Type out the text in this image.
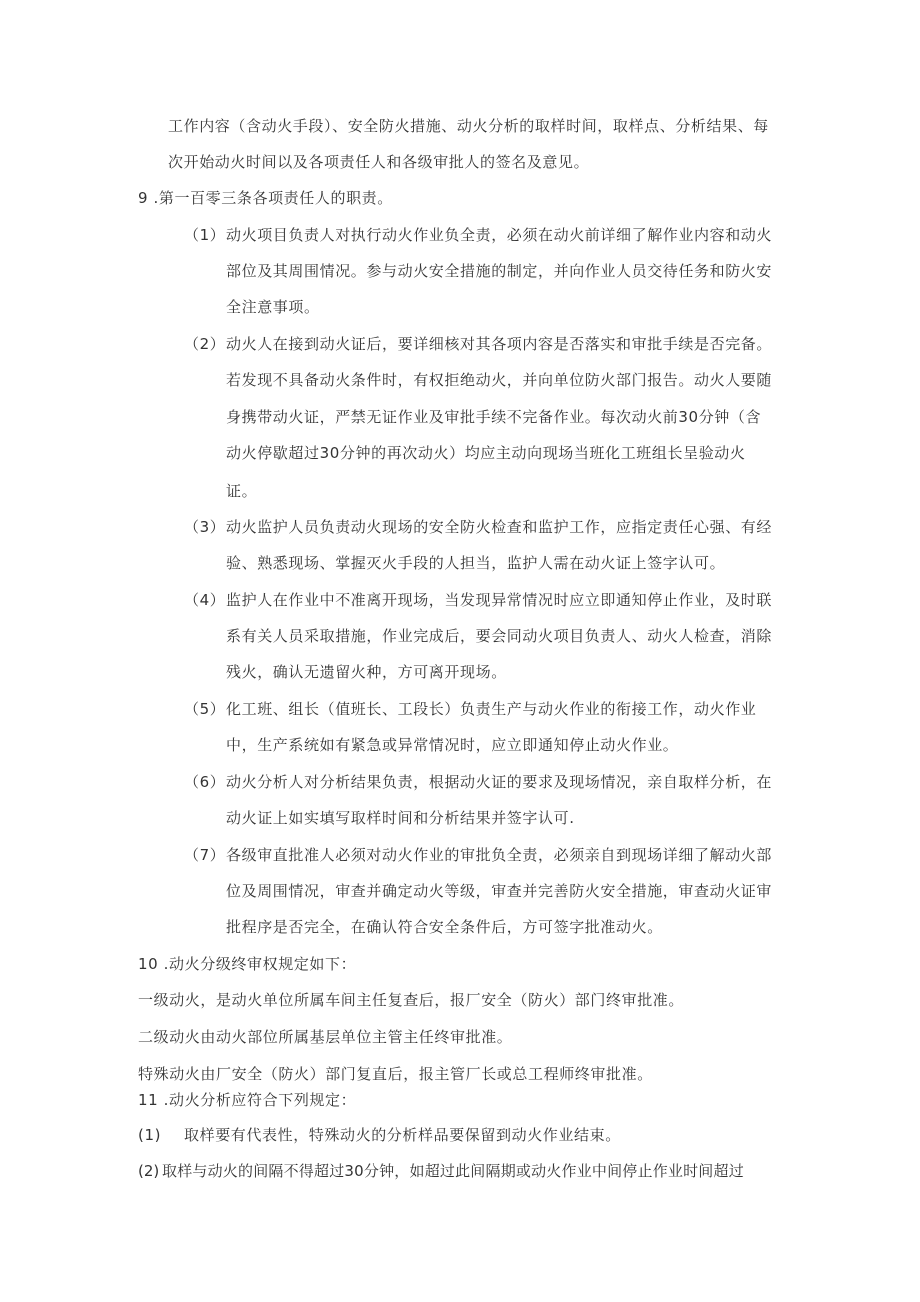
工作内容（含动火手段）、安全防火措施、动火分析的取样时间，取样点、分析结果、每
次开始动火时间以及各项责任人和各级审批人的签名及意见。
9 .第一百零三条各项责任人的职责。
（1） 动火项目负责人对执行动火作业负全责，必须在动火前详细了解作业内容和动火
部位及其周围情况。参与动火安全措施的制定，并向作业人员交待任务和防火安
全注意事项。
（2） 动火人在接到动火证后，要详细核对其各项内容是否落实和审批手续是否完备。
若发现不具备动火条件时，有权拒绝动火，并向单位防火部门报告。动火人要随
身携带动火证，严禁无证作业及审批手续不完备作业。每次动火前30分钟（含
动火停歇超过30分钟的再次动火）均应主动向现场当班化工班组长呈验动火
证。
（3） 动火监护人员负责动火现场的安全防火检查和监护工作，应指定责任心强、有经
验、熟悉现场、掌握灭火手段的人担当，监护人需在动火证上签字认可。
（4） 监护人在作业中不准离开现场，当发现异常情况时应立即通知停止作业，及时联
系有关人员采取措施，作业完成后，要会同动火项目负责人、动火人检查，消除
残火，确认无遗留火种，方可离开现场。
（5） 化工班、组长（值班长、工段长）负责生产与动火作业的衔接工作，动火作业
中，生产系统如有紧急或异常情况时，应立即通知停止动火作业。
（6） 动火分析人对分析结果负责，根据动火证的要求及现场情况，亲自取样分析，在
动火证上如实填写取样时间和分析结果并签字认可.
（7） 各级审直批准人必须对动火作业的审批负全责，必须亲自到现场详细了解动火部
位及周围情况，审查并确定动火等级，审查并完善防火安全措施，审查动火证审
批程序是否完全，在确认符合安全条件后，方可签字批准动火。
10 .动火分级终审权规定如下：
一级动火，是动火单位所属车间主任复查后，报厂安全（防火）部门终审批准。
二级动火由动火部位所属基层单位主管主任终审批准。
特殊动火由厂安全（防火）部门复直后，报主管厂长或总工程师终审批准。
11 .动火分析应符合下列规定：
(1) 取样要有代表性，特殊动火的分析样品要保留到动火作业结束。
(2) 取样与动火的间隔不得超过30分钟，如超过此间隔期或动火作业中间停止作业时间超过
